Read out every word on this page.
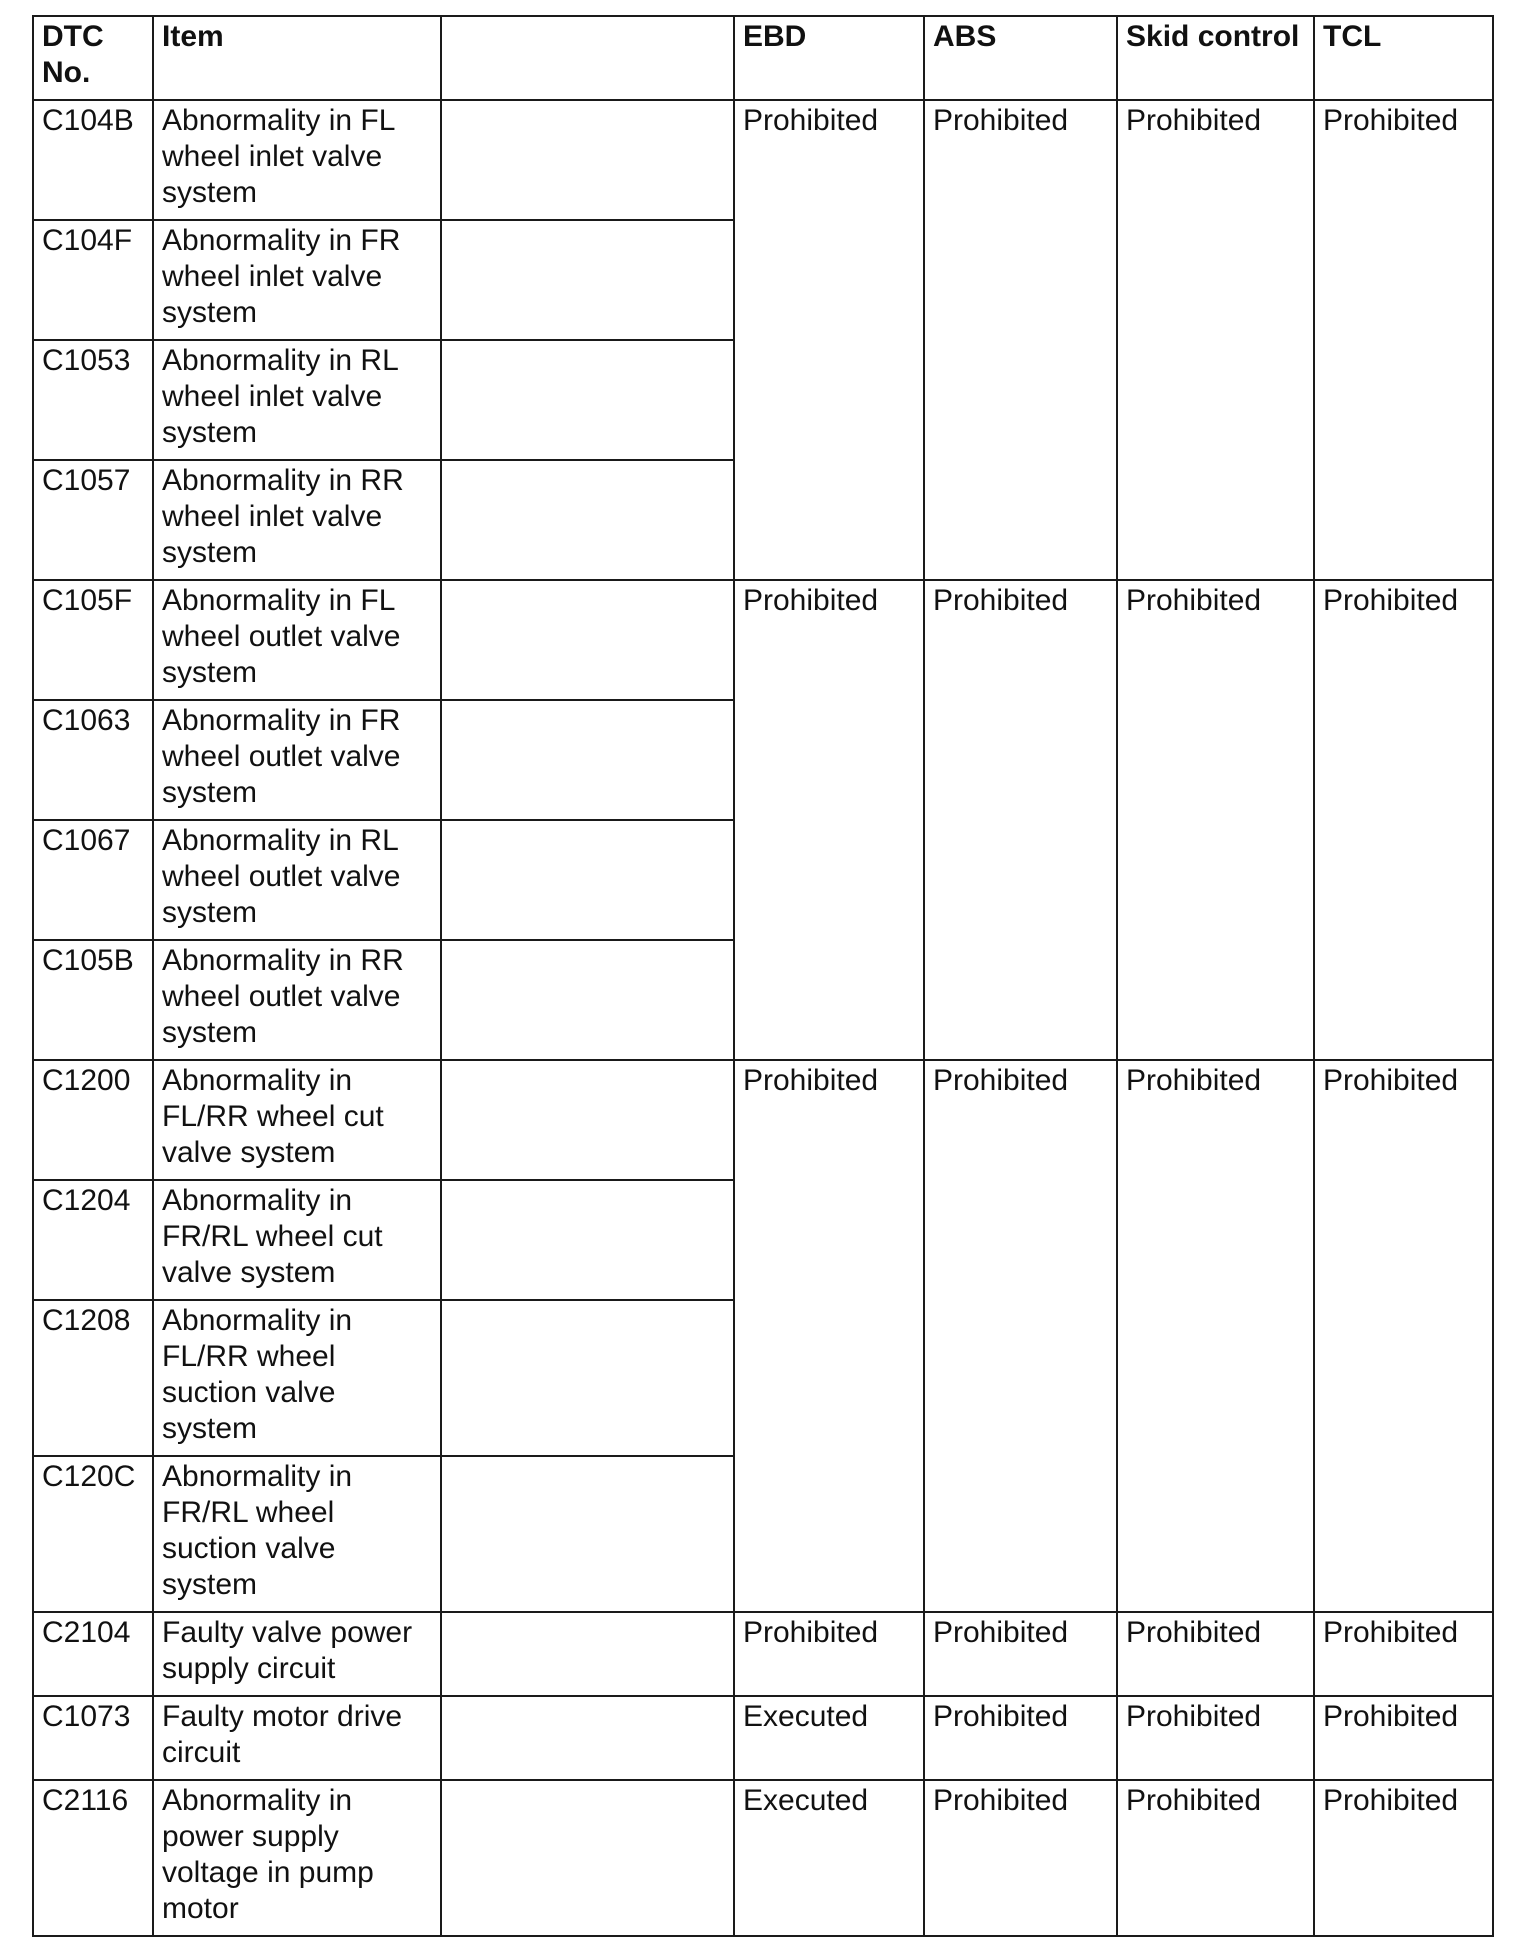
DTC No.	Item		EBD	ABS	Skid control	TCL
C104B	Abnormality in FL wheel inlet valve system		Prohibited	Prohibited	Prohibited	Prohibited
C104F	Abnormality in FR wheel inlet valve system					
C1053	Abnormality in RL wheel inlet valve system					
C1057	Abnormality in RR wheel inlet valve system					
C105F	Abnormality in FL wheel outlet valve system		Prohibited	Prohibited	Prohibited	Prohibited
C1063	Abnormality in FR wheel outlet valve system					
C1067	Abnormality in RL wheel outlet valve system					
C105B	Abnormality in RR wheel outlet valve system					
C1200	Abnormality in FL/RR wheel cut valve system		Prohibited	Prohibited	Prohibited	Prohibited
C1204	Abnormality in FR/RL wheel cut valve system					
C1208	Abnormality in FL/RR wheel suction valve system					
C120C	Abnormality in FR/RL wheel suction valve system					
C2104	Faulty valve power supply circuit		Prohibited	Prohibited	Prohibited	Prohibited
C1073	Faulty motor drive circuit		Executed	Prohibited	Prohibited	Prohibited
C2116	Abnormality in power supply voltage in pump motor		Executed	Prohibited	Prohibited	Prohibited
